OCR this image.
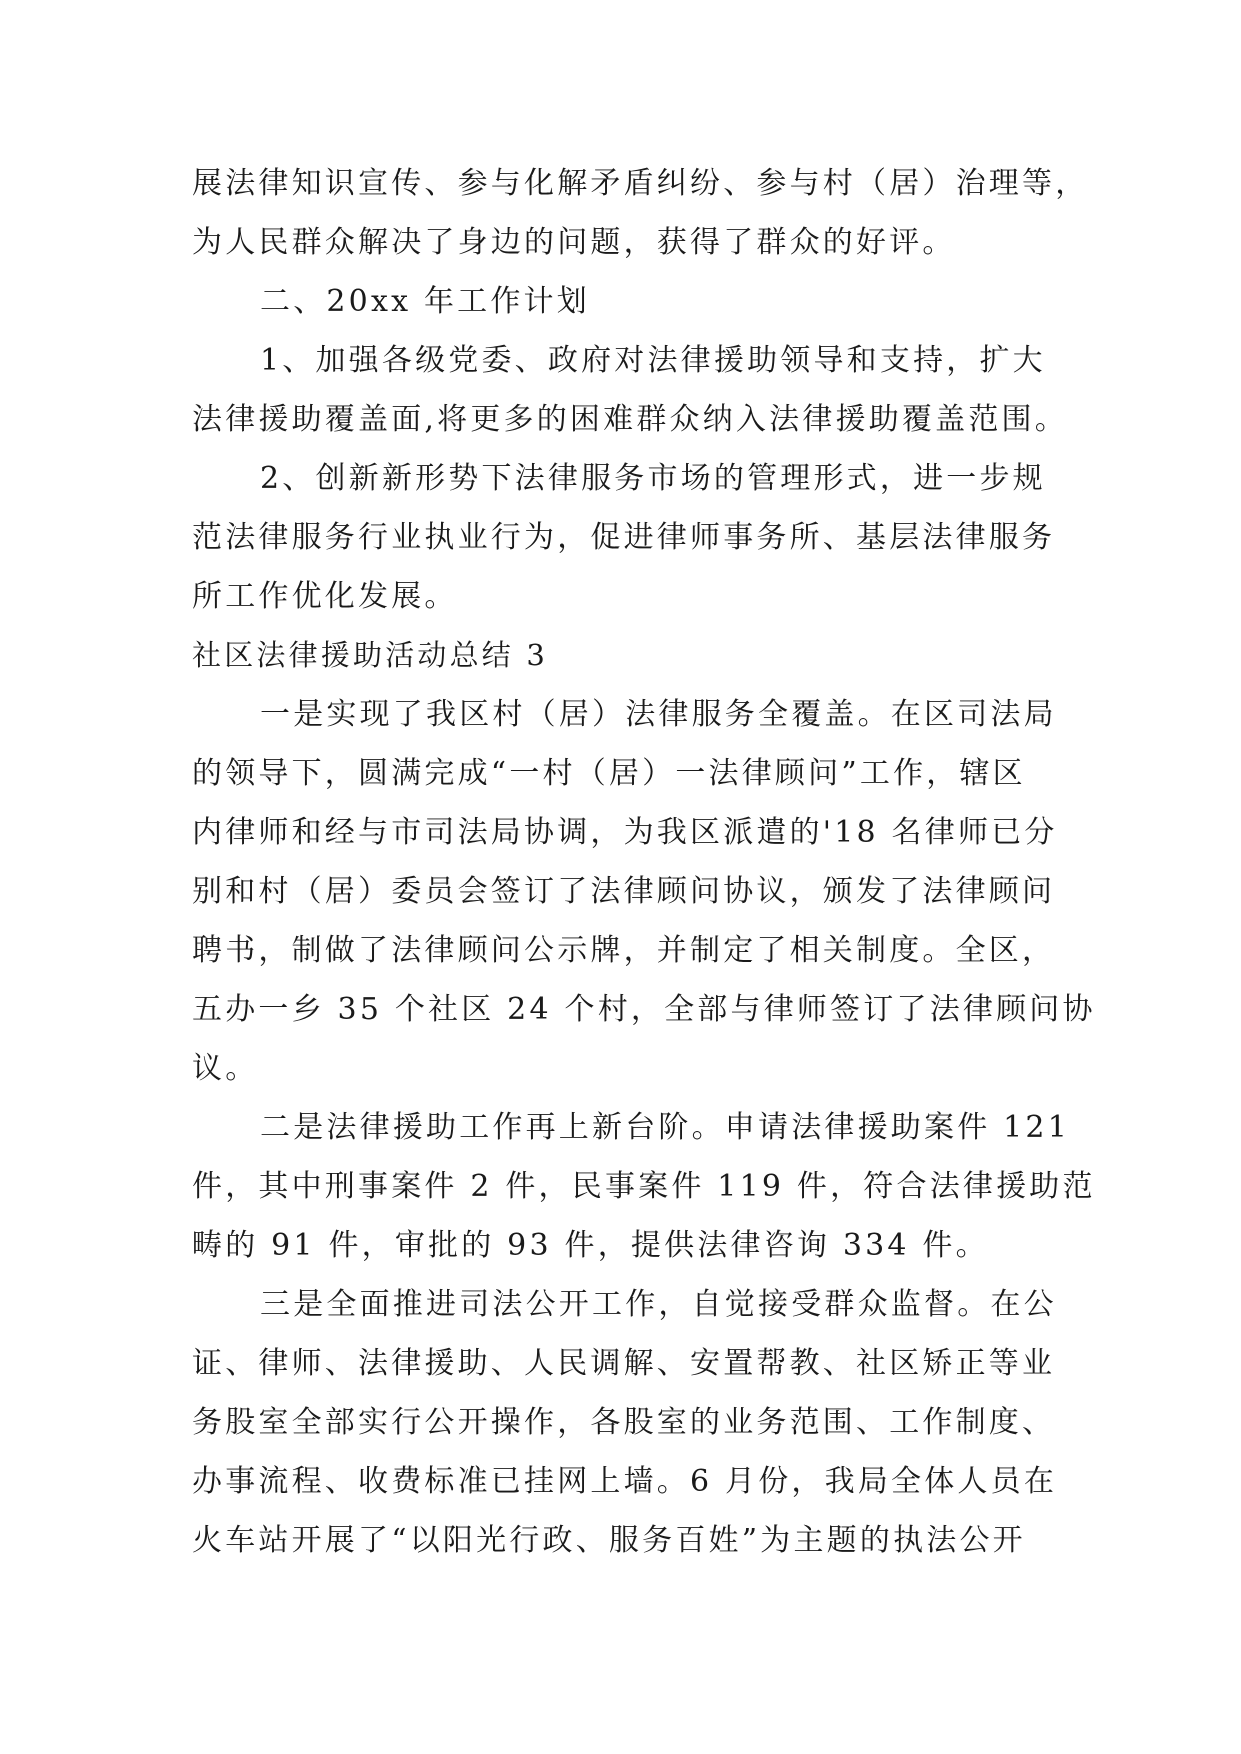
展法律知识宣传、参与化解矛盾纠纷、参与村（居）治理等，
为人民群众解决了身边的问题，获得了群众的好评。
二、20xx 年工作计划
1、加强各级党委、政府对法律援助领导和支持，扩大
法律援助覆盖面,将更多的困难群众纳入法律援助覆盖范围。
2、创新新形势下法律服务市场的管理形式，进一步规
范法律服务行业执业行为，促进律师事务所、基层法律服务
所工作优化发展。
社区法律援助活动总结 3
一是实现了我区村（居）法律服务全覆盖。在区司法局
的领导下，圆满完成“一村（居）一法律顾问”工作，辖区
内律师和经与市司法局协调，为我区派遣的'18 名律师已分
别和村（居）委员会签订了法律顾问协议，颁发了法律顾问
聘书，制做了法律顾问公示牌，并制定了相关制度。全区，
五办一乡 35 个社区 24 个村，全部与律师签订了法律顾问协
议。
二是法律援助工作再上新台阶。申请法律援助案件 121
件，其中刑事案件 2 件，民事案件 119 件，符合法律援助范
畴的 91 件，审批的 93 件，提供法律咨询 334 件。
三是全面推进司法公开工作，自觉接受群众监督。在公
证、律师、法律援助、人民调解、安置帮教、社区矫正等业
务股室全部实行公开操作，各股室的业务范围、工作制度、
办事流程、收费标准已挂网上墙。6 月份，我局全体人员在
火车站开展了“以阳光行政、服务百姓”为主题的执法公开
